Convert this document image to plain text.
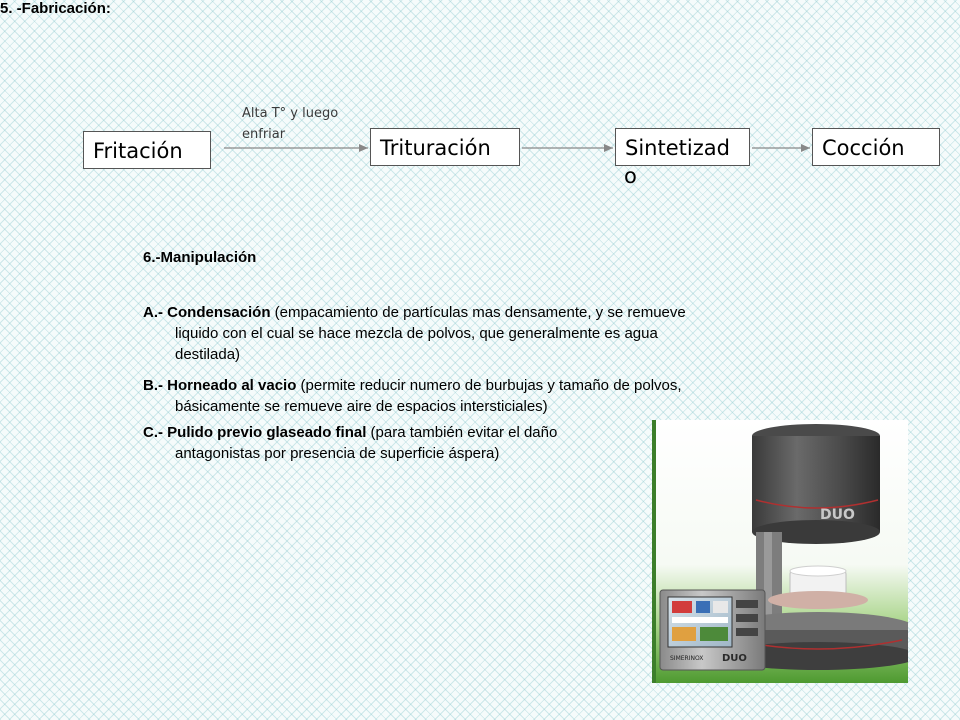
5. -Fabricación:
Alta T° y luego enfriar
Fritación	Trituración	Sintetizad
o
Cocción
6.-Manipulación
A.- Condensación (empacamiento de partículas mas densamente, y se remueve
liquido con el cual se hace mezcla de polvos, que generalmente es agua
destilada)
B.- Horneado al vacio (permite reducir numero de burbujas y tamaño de polvos,
básicamente se remueve aire de espacios intersticiales)
C.- Pulido previo glaseado final (para también evitar el daño
antagonistas por presencia de superficie áspera)
DUO
SIMERINOX DUO
